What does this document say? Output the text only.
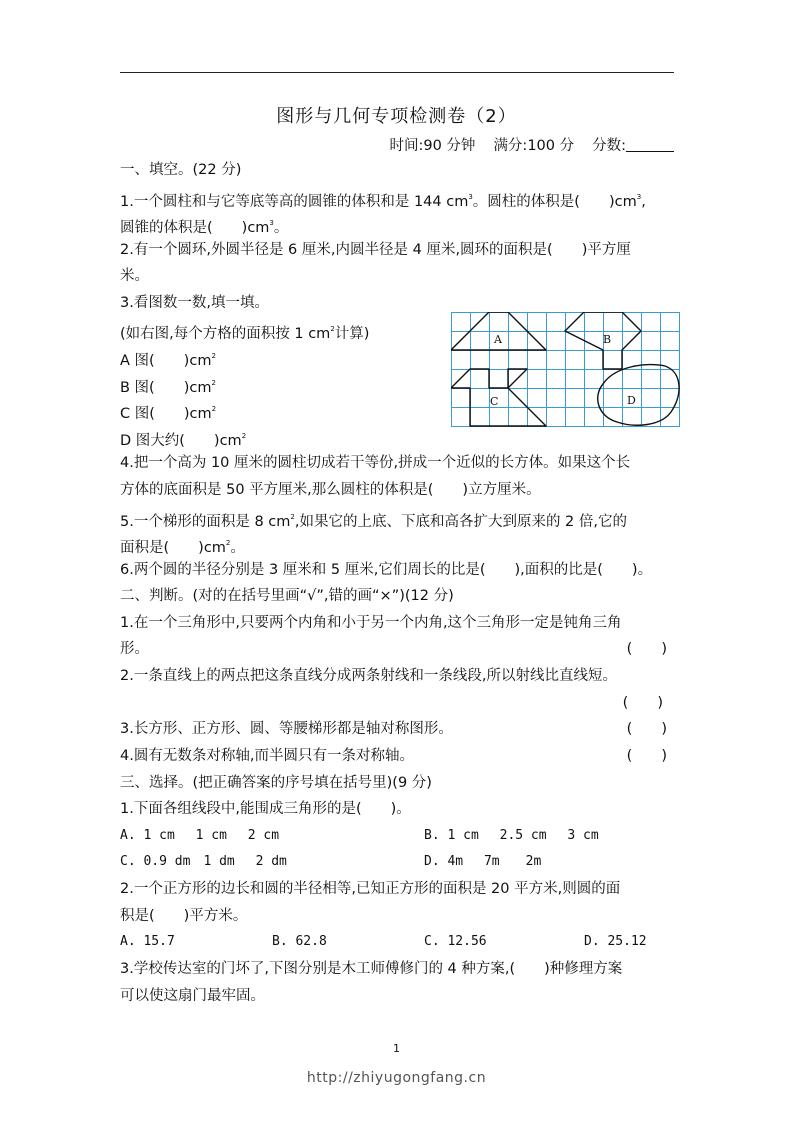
图形与几何专项检测卷（2）
时间:90 分钟 满分:100 分 分数:
一、填空。(22 分)
1.一个圆柱和与它等底等高的圆锥的体积和是 144 $cm^3$。圆柱的体积是(　　)$cm^3$,
圆锥的体积是(　　)$cm^3$。
2.有一个圆环,外圆半径是 6 厘米,内圆半径是 4 厘米,圆环的面积是(　　)平方厘
米。
3.看图数一数,填一填。
(如右图,每个方格的面积按 1 $cm^2$计算)
A 图(　　)$cm^2$
B 图(　　)$cm^2$
C 图(　　)$cm^2$
D 图大约(　　)$cm^2$
A	B
C	D
4.把一个高为 10 厘米的圆柱切成若干等份,拼成一个近似的长方体。如果这个长
方体的底面积是 50 平方厘米,那么圆柱的体积是(　　)立方厘米。
5.一个梯形的面积是 8 $cm^2$,如果它的上底、下底和高各扩大到原来的 2 倍,它的
面积是(　　)$cm^2$。
6.两个圆的半径分别是 3 厘米和 5 厘米,它们周长的比是(　　),面积的比是(　　)。
二、判断。(对的在括号里画“√”,错的画“×”)(12 分)
1.在一个三角形中,只要两个内角和小于另一个内角,这个三角形一定是钝角三角
形。	(　　)
2.一条直线上的两点把这条直线分成两条射线和一条线段,所以射线比直线短。
(　　)
3.长方形、正方形、圆、等腰梯形都是轴对称图形。	(　　)
4.圆有无数条对称轴,而半圆只有一条对称轴。	(　　)
三、选择。(把正确答案的序号填在括号里)(9 分)
1.下面各组线段中,能围成三角形的是(　　)。
A. 1 cm　 1 cm　 2 cm	B. 1 cm　 2.5 cm　 3 cm
C. 0.9 dm　1 dm　 2 dm	D. 4m　 7m　　2m
2.一个正方形的边长和圆的半径相等,已知正方形的面积是 20 平方米,则圆的面
积是(　　)平方米。
A. 15.7	B. 62.8	C. 12.56	D. 25.12
3.学校传达室的门坏了,下图分别是木工师傅修门的 4 种方案,(　　)种修理方案
可以使这扇门最牢固。
1
http://zhiyugongfang.cn
